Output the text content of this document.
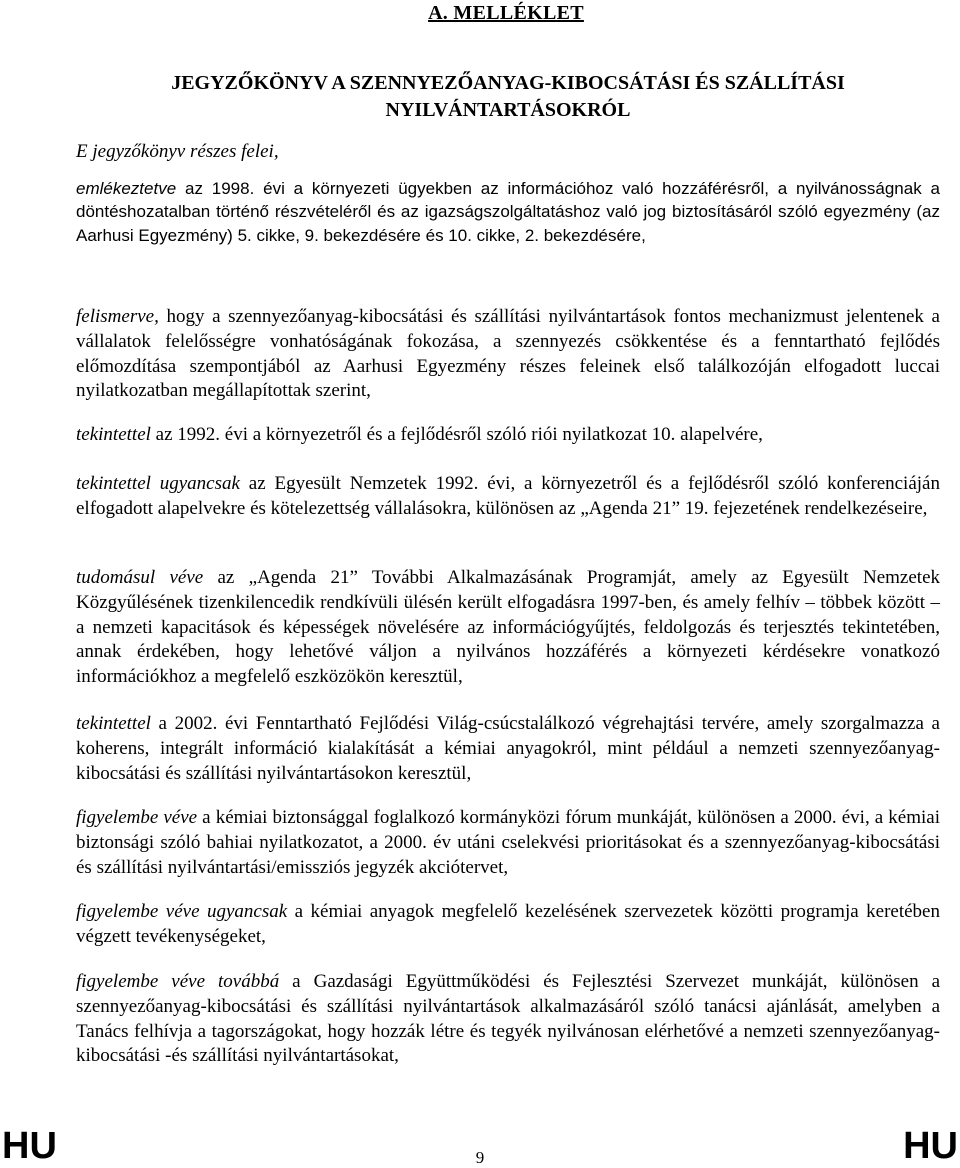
A. MELLÉKLET
JEGYZŐKÖNYV A SZENNYEZŐANYAG-KIBOCSÁTÁSI ÉS SZÁLLÍTÁSI
NYILVÁNTARTÁSOKRÓL
E jegyzőkönyv részes felei,

emlékeztetve az 1998. évi a környezeti ügyekben az információhoz való hozzáférésről, a nyilvánosságnak a döntéshozatalban történő részvételéről és az igazságszolgáltatáshoz való jog biztosításáról szóló egyezmény (az Aarhusi Egyezmény) 5. cikke, 9. bekezdésére és 10. cikke, 2. bekezdésére,

felismerve, hogy a szennyezőanyag-kibocsátási és szállítási nyilvántartások fontos mechanizmust jelentenek a vállalatok felelősségre vonhatóságának fokozása, a szennyezés csökkentése és a fenntartható fejlődés előmozdítása szempontjából az Aarhusi Egyezmény részes feleinek első találkozóján elfogadott luccai nyilatkozatban megállapítottak szerint,

tekintettel az 1992. évi a környezetről és a fejlődésről szóló riói nyilatkozat 10. alapelvére,

tekintettel ugyancsak az Egyesült Nemzetek 1992. évi, a környezetről és a fejlődésről szóló konferenciáján elfogadott alapelvekre és kötelezettség vállalásokra, különösen az „Agenda 21” 19. fejezetének rendelkezéseire,

tudomásul véve az „Agenda 21” További Alkalmazásának Programját, amely az Egyesült Nemzetek Közgyűlésének tizenkilencedik rendkívüli ülésén került elfogadásra 1997-ben, és amely felhív – többek között – a nemzeti kapacitások és képességek növelésére az információgyűjtés, feldolgozás és terjesztés tekintetében, annak érdekében, hogy lehetővé váljon a nyilvános hozzáférés a környezeti kérdésekre vonatkozó információkhoz a megfelelő eszközökön keresztül,

tekintettel a 2002. évi Fenntartható Fejlődési Világ-csúcstalálkozó végrehajtási tervére, amely szorgalmazza a koherens, integrált információ kialakítását a kémiai anyagokról, mint például a nemzeti szennyezőanyag-kibocsátási és szállítási nyilvántartásokon keresztül,

figyelembe véve a kémiai biztonsággal foglalkozó kormányközi fórum munkáját, különösen a 2000. évi, a kémiai biztonsági szóló bahiai nyilatkozatot, a 2000. év utáni cselekvési prioritásokat és a szennyezőanyag-kibocsátási és szállítási nyilvántartási/emissziós jegyzék akciótervet,

figyelembe véve ugyancsak a kémiai anyagok megfelelő kezelésének szervezetek közötti programja keretében végzett tevékenységeket,

figyelembe véve továbbá a Gazdasági Együttműködési és Fejlesztési Szervezet munkáját, különösen a szennyezőanyag-kibocsátási és szállítási nyilvántartások alkalmazásáról szóló tanácsi ajánlását, amelyben a Tanács felhívja a tagországokat, hogy hozzák létre és tegyék nyilvánosan elérhetővé a nemzeti szennyezőanyag-kibocsátási -és szállítási nyilvántartásokat,

HU	9	HU
